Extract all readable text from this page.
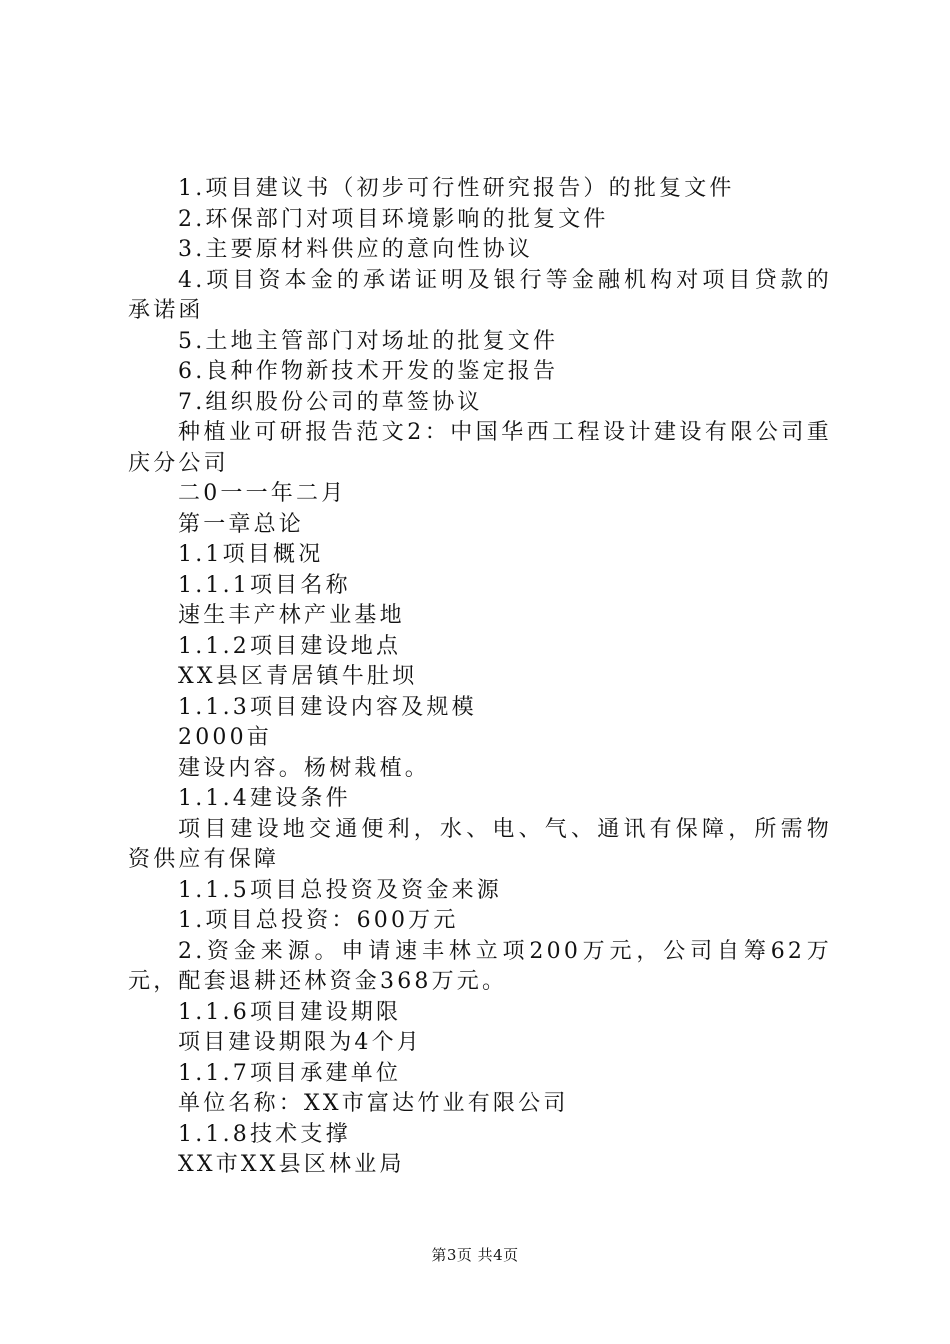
1.项目建议书（初步可行性研究报告）的批复文件

2.环保部门对项目环境影响的批复文件

3.主要原材料供应的意向性协议

4.项目资本金的承诺证明及银行等金融机构对项目贷款的承诺函

5.土地主管部门对场址的批复文件

6.良种作物新技术开发的鉴定报告

7.组织股份公司的草签协议

种植业可研报告范文2：中国华西工程设计建设有限公司重庆分公司

二0一一年二月

第一章总论

1.1项目概况

1.1.1项目名称

速生丰产林产业基地

1.1.2项目建设地点

XX县区青居镇牛肚坝

1.1.3项目建设内容及规模

2000亩

建设内容。杨树栽植。

1.1.4建设条件

项目建设地交通便利，水、电、气、通讯有保障，所需物资供应有保障

1.1.5项目总投资及资金来源

1.项目总投资：600万元

2.资金来源。申请速丰林立项200万元，公司自筹62万元，配套退耕还林资金368万元。

1.1.6项目建设期限

项目建设期限为4个月

1.1.7项目承建单位

单位名称：XX市富达竹业有限公司

1.1.8技术支撑

XX市XX县区林业局

第3页 共4页
